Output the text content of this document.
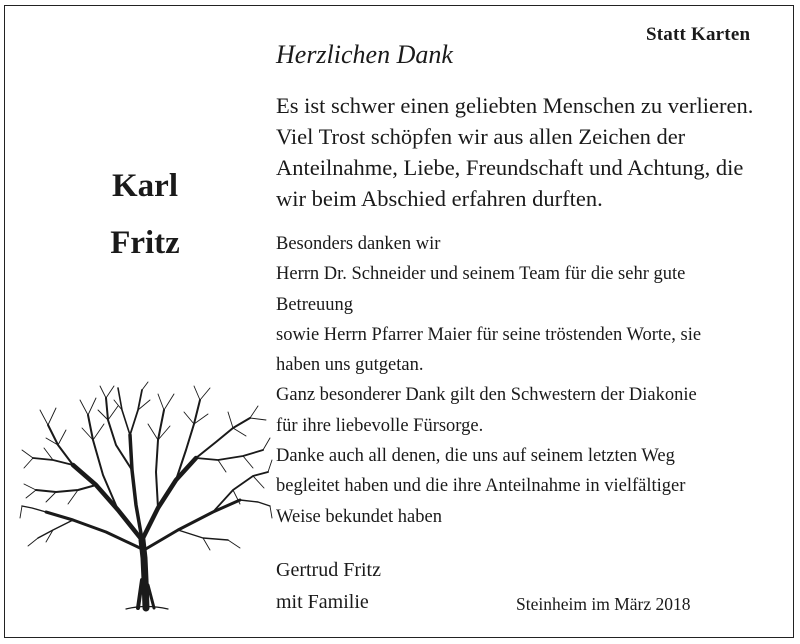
Statt Karten
Herzlichen Dank
Karl
Fritz
Es ist schwer einen geliebten Menschen zu verlieren.
Viel Trost schöpfen wir aus allen Zeichen der
Anteilnahme, Liebe, Freundschaft und Achtung, die
wir beim Abschied erfahren durften.
Besonders danken wir
Herrn Dr. Schneider und seinem Team für die sehr gute
Betreuung
sowie Herrn Pfarrer Maier für seine tröstenden Worte, sie
haben uns gutgetan.
Ganz besonderer Dank gilt den Schwestern der Diakonie
für ihre liebevolle Fürsorge.
Danke auch all denen, die uns auf seinem letzten Weg
begleitet haben und die ihre Anteilnahme in vielfältiger
Weise bekundet haben
Gertrud Fritz
mit Familie	Steinheim im März 2018
